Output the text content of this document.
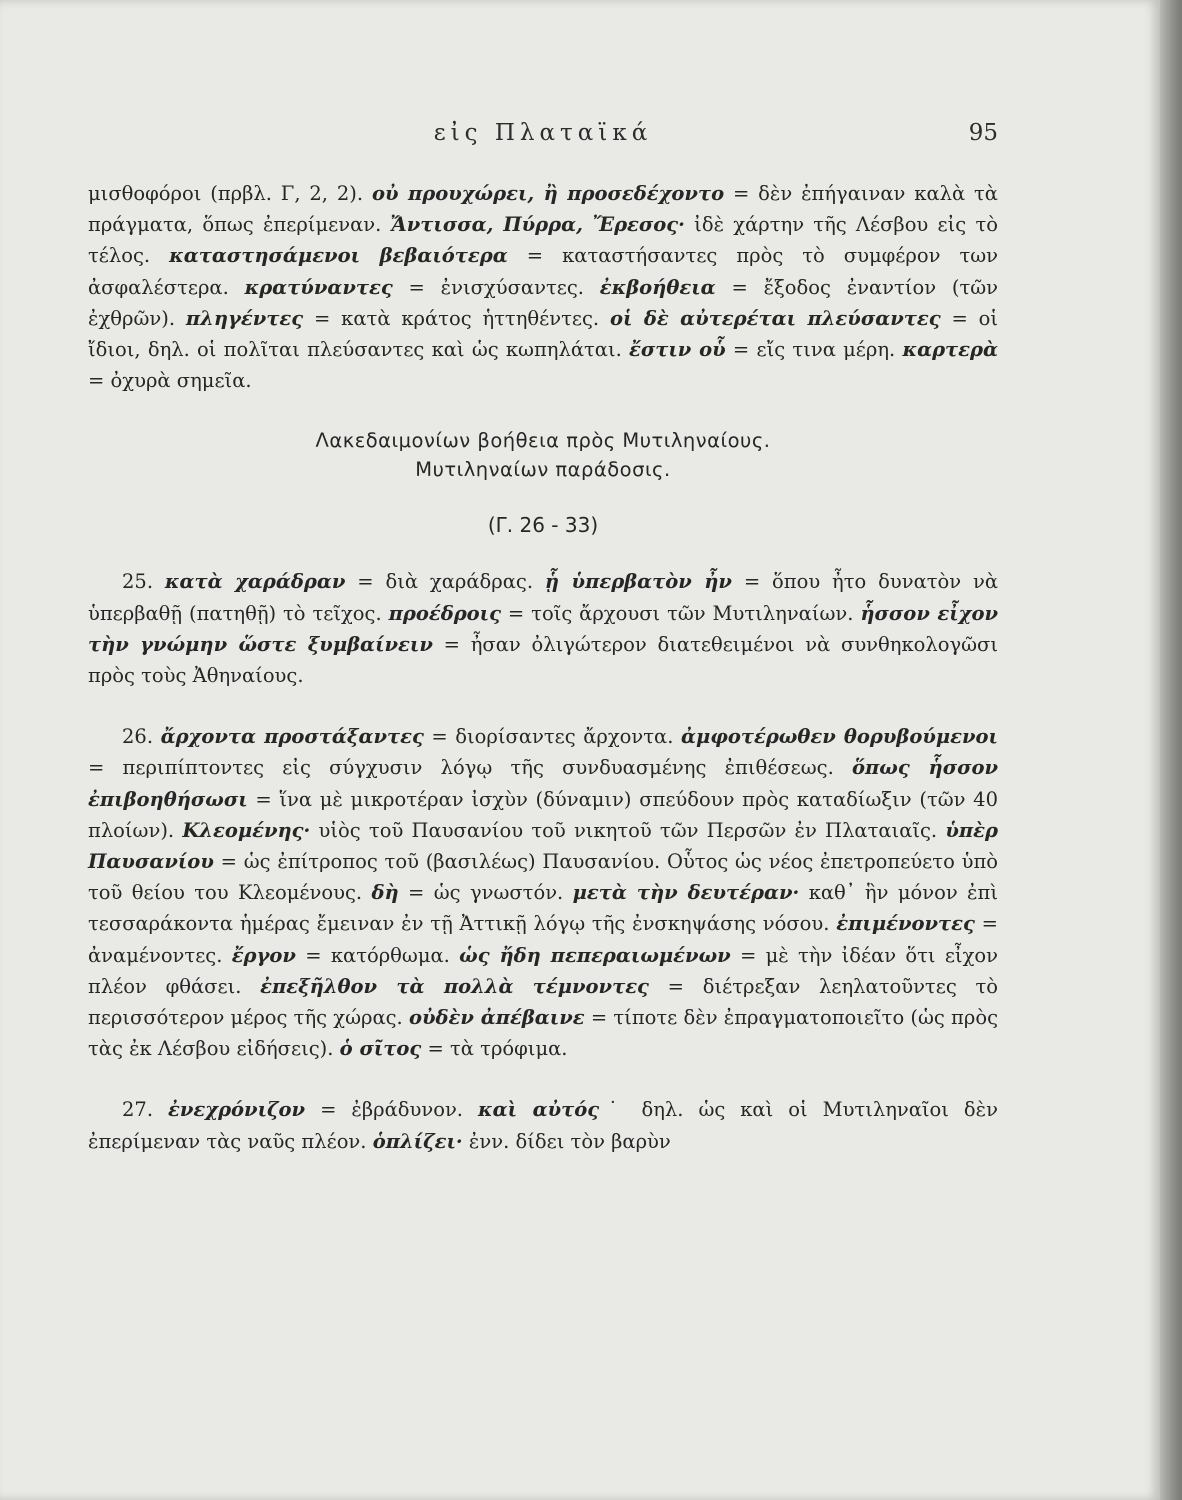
εἰς Πλαταϊκά	95

μισθοφόροι (πρβλ. Γ, 2, 2). οὐ προυχώρει, ἢ προσεδέχοντο = δὲν ἐπήγαιναν καλὰ τὰ πράγματα, ὅπως ἐπερίμεναν. Ἄντισσα, Πύρρα, Ἔρεσος· ἰδὲ χάρτην τῆς Λέσβου εἰς τὸ τέλος. καταστησάμενοι βεβαιότερα = καταστήσαντες πρὸς τὸ συμφέρον των ἀσφαλέστερα. κρατύναντες = ἐνισχύσαντες. ἐκβοήθεια = ἔξοδος ἐναντίον (τῶν ἐχθρῶν). πληγέντες = κατὰ κράτος ἡττηθέντες. οἱ δὲ αὐτερέται πλεύσαντες = οἱ ἴδιοι, δηλ. οἱ πολῖται πλεύσαντες καὶ ὡς κωπηλάται. ἔστιν οὗ = εἴς τινα μέρη. καρτερὰ = ὀχυρὰ σημεῖα.

Λακεδαιμονίων βοήθεια πρὸς Μυτιληναίους.
Μυτιληναίων παράδοσις.
(Γ. 26 - 33)

25. κατὰ χαράδραν = διὰ χαράδρας. ᾗ ὑπερβατὸν ἦν = ὅπου ἦτο δυνατὸν νὰ ὑπερβαθῇ (πατηθῇ) τὸ τεῖχος. προέδροις = τοῖς ἄρχουσι τῶν Μυτιληναίων. ἧσσον εἶχον τὴν γνώμην ὥστε ξυμβαίνειν = ἦσαν ὀλιγώτερον διατεθειμένοι νὰ συνθηκολογῶσι πρὸς τοὺς Ἀθηναίους.

26. ἄρχοντα προστάξαντες = διορίσαντες ἄρχοντα. ἀμφοτέρωθεν θορυβούμενοι = περιπίπτοντες εἰς σύγχυσιν λόγῳ τῆς συνδυασμένης ἐπιθέσεως. ὅπως ἧσσον ἐπιβοηθήσωσι = ἵνα μὲ μικροτέραν ἰσχὺν (δύναμιν) σπεύδουν πρὸς καταδίωξιν (τῶν 40 πλοίων). Κλεομένης· υἱὸς τοῦ Παυσανίου τοῦ νικητοῦ τῶν Περσῶν ἐν Πλαταιαῖς. ὑπὲρ Παυσανίου = ὡς ἐπίτροπος τοῦ (βασιλέως) Παυσανίου. Οὗτος ὡς νέος ἐπετροπεύετο ὑπὸ τοῦ θείου του Κλεομένους. δὴ = ὡς γνωστόν. μετὰ τὴν δευτέραν· καθ᾽ ἣν μόνον ἐπὶ τεσσαράκοντα ἡμέρας ἔμειναν ἐν τῇ Ἀττικῇ λόγῳ τῆς ἐνσκηψάσης νόσου. ἐπιμένοντες = ἀναμένοντες. ἔργον = κατόρθωμα. ὡς ἤδη πεπεραιωμένων = μὲ τὴν ἰδέαν ὅτι εἶχον πλέον φθάσει. ἐπεξῆλθον τὰ πολλὰ τέμνοντες = διέτρεξαν λεηλατοῦντες τὸ περισσότερον μέρος τῆς χώρας. οὐδὲν ἀπέβαινε = τίποτε δὲν ἐπραγματοποιεῖτο (ὡς πρὸς τὰς ἐκ Λέσβου εἰδήσεις). ὁ σῖτος = τὰ τρόφιμα.

27. ἐνεχρόνιζον = ἐβράδυνον. καὶ αὐτός˙ δηλ. ὡς καὶ οἱ Μυτιληναῖοι δὲν ἐπερίμεναν τὰς ναῦς πλέον. ὁπλίζει· ἐνν. δίδει τὸν βαρὺν
